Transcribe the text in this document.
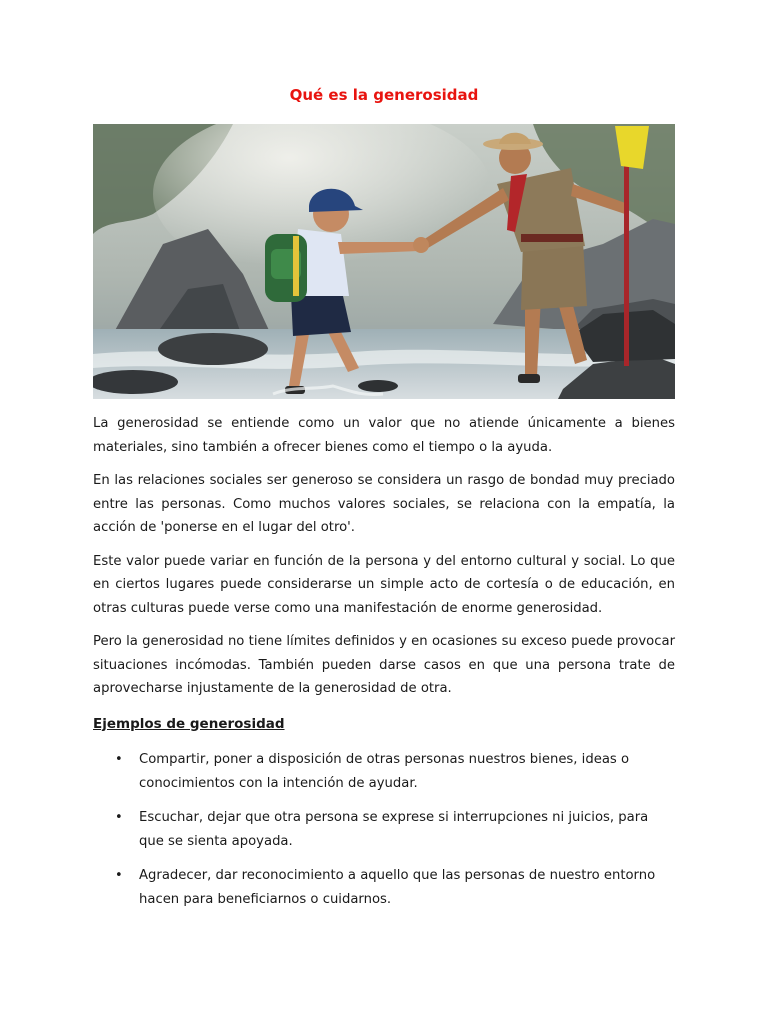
Qué es la generosidad

La generosidad se entiende como un valor que no atiende únicamente a bienes materiales, sino también a ofrecer bienes como el tiempo o la ayuda.

En las relaciones sociales ser generoso se considera un rasgo de bondad muy preciado entre las personas. Como muchos valores sociales, se relaciona con la empatía, la acción de 'ponerse en el lugar del otro'.

Este valor puede variar en función de la persona y del entorno cultural y social. Lo que en ciertos lugares puede considerarse un simple acto de cortesía o de educación, en otras culturas puede verse como una manifestación de enorme generosidad.

Pero la generosidad no tiene límites definidos y en ocasiones su exceso puede provocar situaciones incómodas. También pueden darse casos en que una persona trate de aprovecharse injustamente de la generosidad de otra.

Ejemplos de generosidad
• Compartir, poner a disposición de otras personas nuestros bienes, ideas o conocimientos con la intención de ayudar.
• Escuchar, dejar que otra persona se exprese si interrupciones ni juicios, para que se sienta apoyada.
• Agradecer, dar reconocimiento a aquello que las personas de nuestro entorno hacen para beneficiarnos o cuidarnos.
